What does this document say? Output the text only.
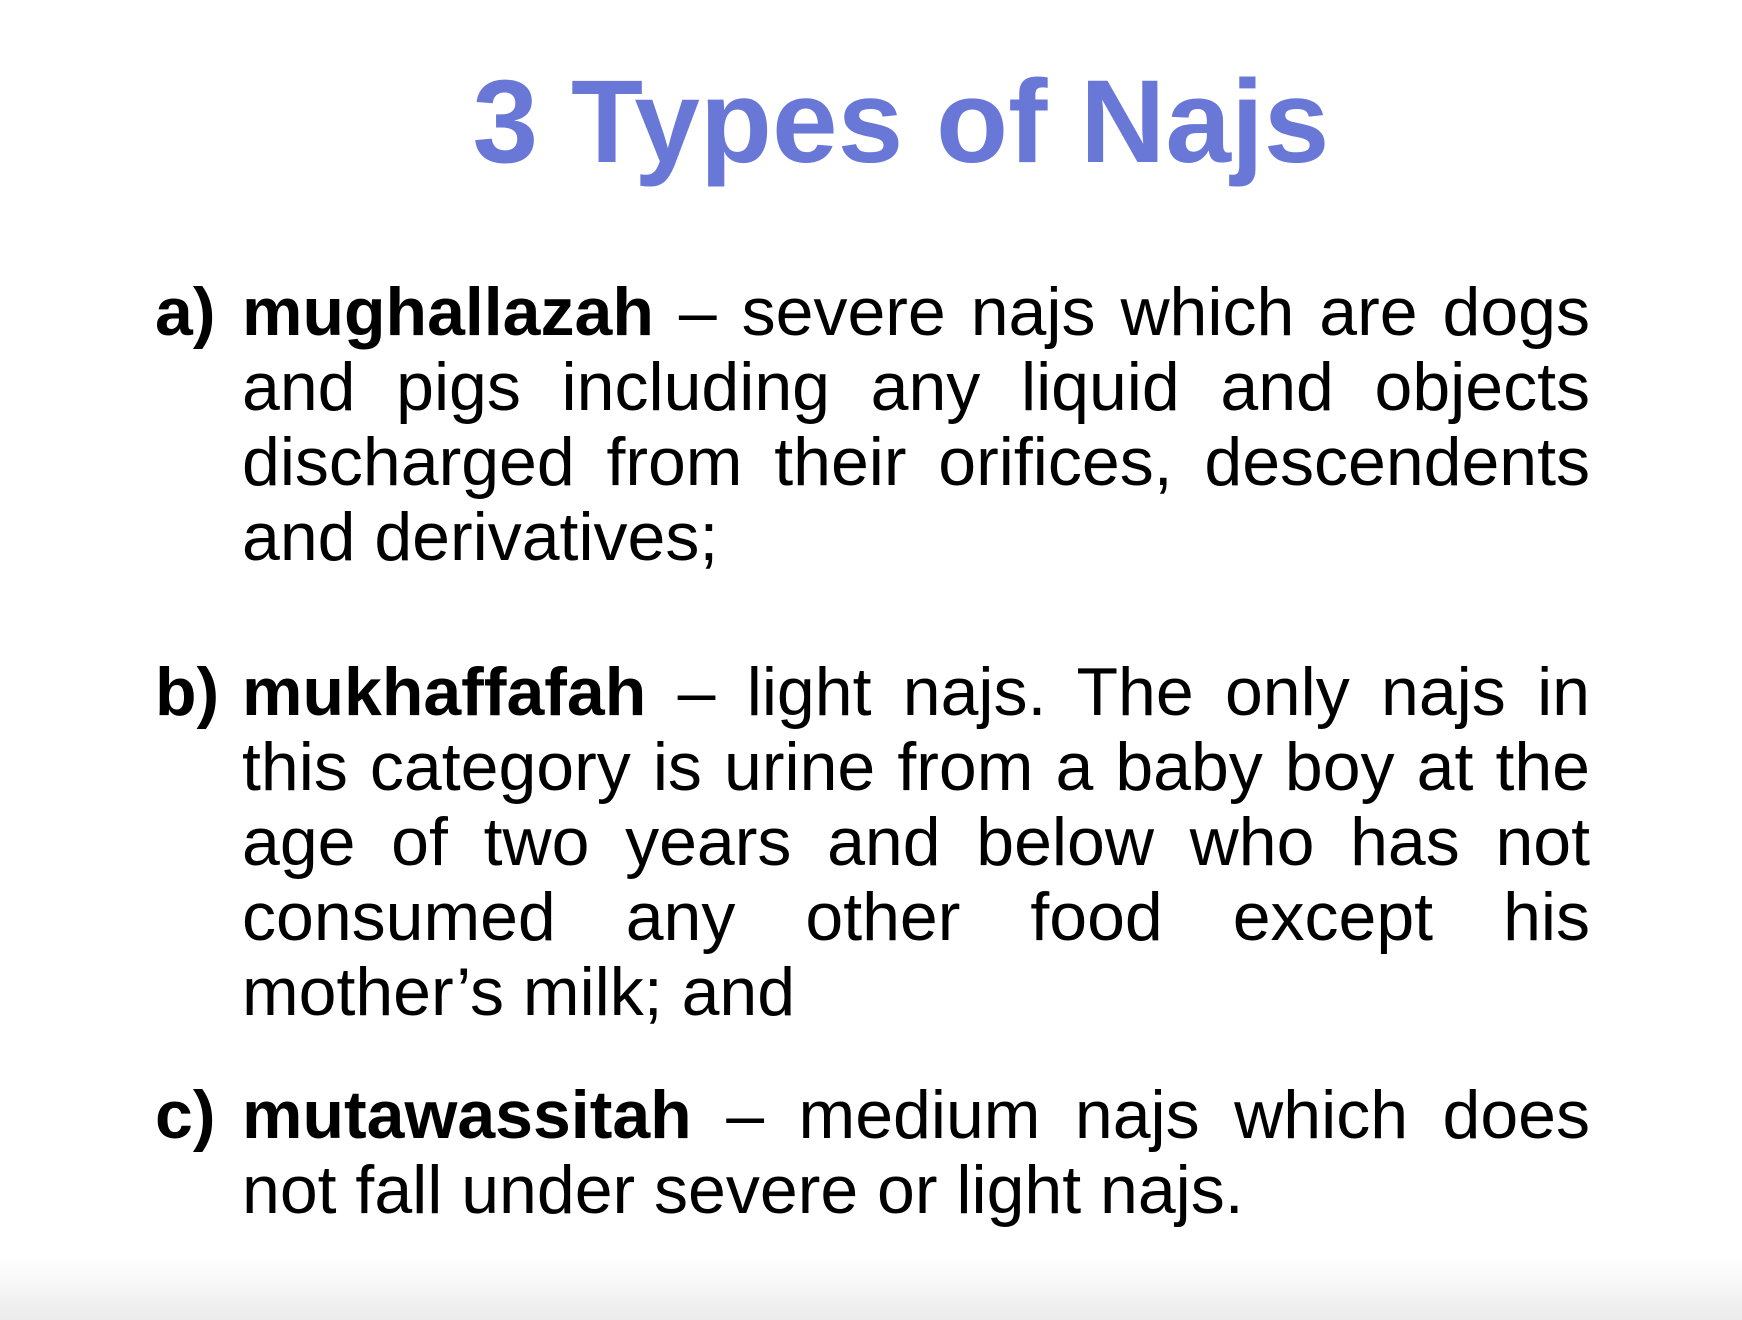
3 Types of Najs

a) mughallazah – severe najs which are dogs and pigs including any liquid and objects discharged from their orifices, descendents and derivatives;

b) mukhaffafah – light najs. The only najs in this category is urine from a baby boy at the age of two years and below who has not consumed any other food except his mother’s milk; and

c) mutawassitah – medium najs which does not fall under severe or light najs.
